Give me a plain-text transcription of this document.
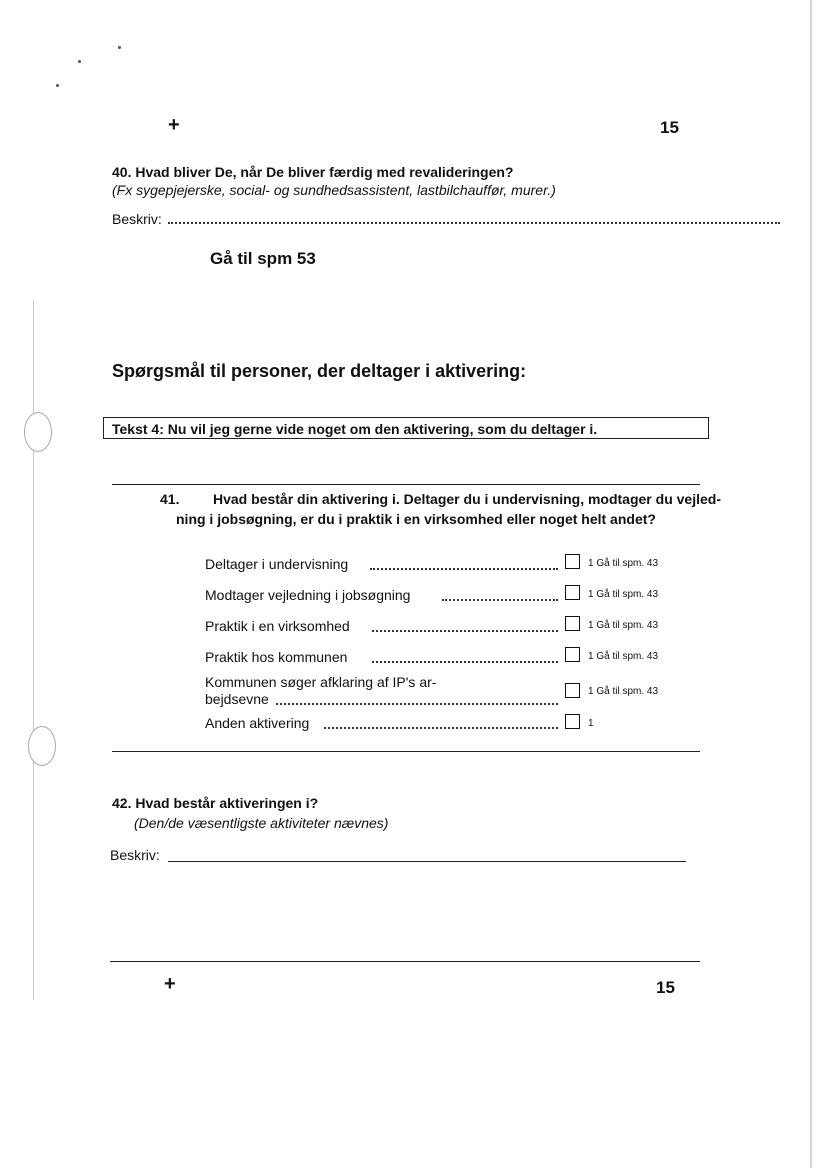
+	15
40. Hvad bliver De, når De bliver færdig med revalideringen?
(Fx sygepjejerske, social- og sundhedsassistent, lastbilchauffør, murer.)
Beskriv:
Gå til spm 53
Spørgsmål til personer, der deltager i aktivering:
Tekst 4: Nu vil jeg gerne vide noget om den aktivering, som du deltager i.
41. Hvad består din aktivering i. Deltager du i undervisning, modtager du vejled-
ning i jobsøgning, er du i praktik i en virksomhed eller noget helt andet?
Deltager i undervisning	1 Gå til spm. 43
Modtager vejledning i jobsøgning	1 Gå til spm. 43
Praktik i en virksomhed	1 Gå til spm. 43
Praktik hos kommunen	1 Gå til spm. 43
Kommunen søger afklaring af IP's ar-
bejdsevne	1 Gå til spm. 43
Anden aktivering	1
42. Hvad består aktiveringen i?
(Den/de væsentligste aktiviteter nævnes)
Beskriv:
+	15
